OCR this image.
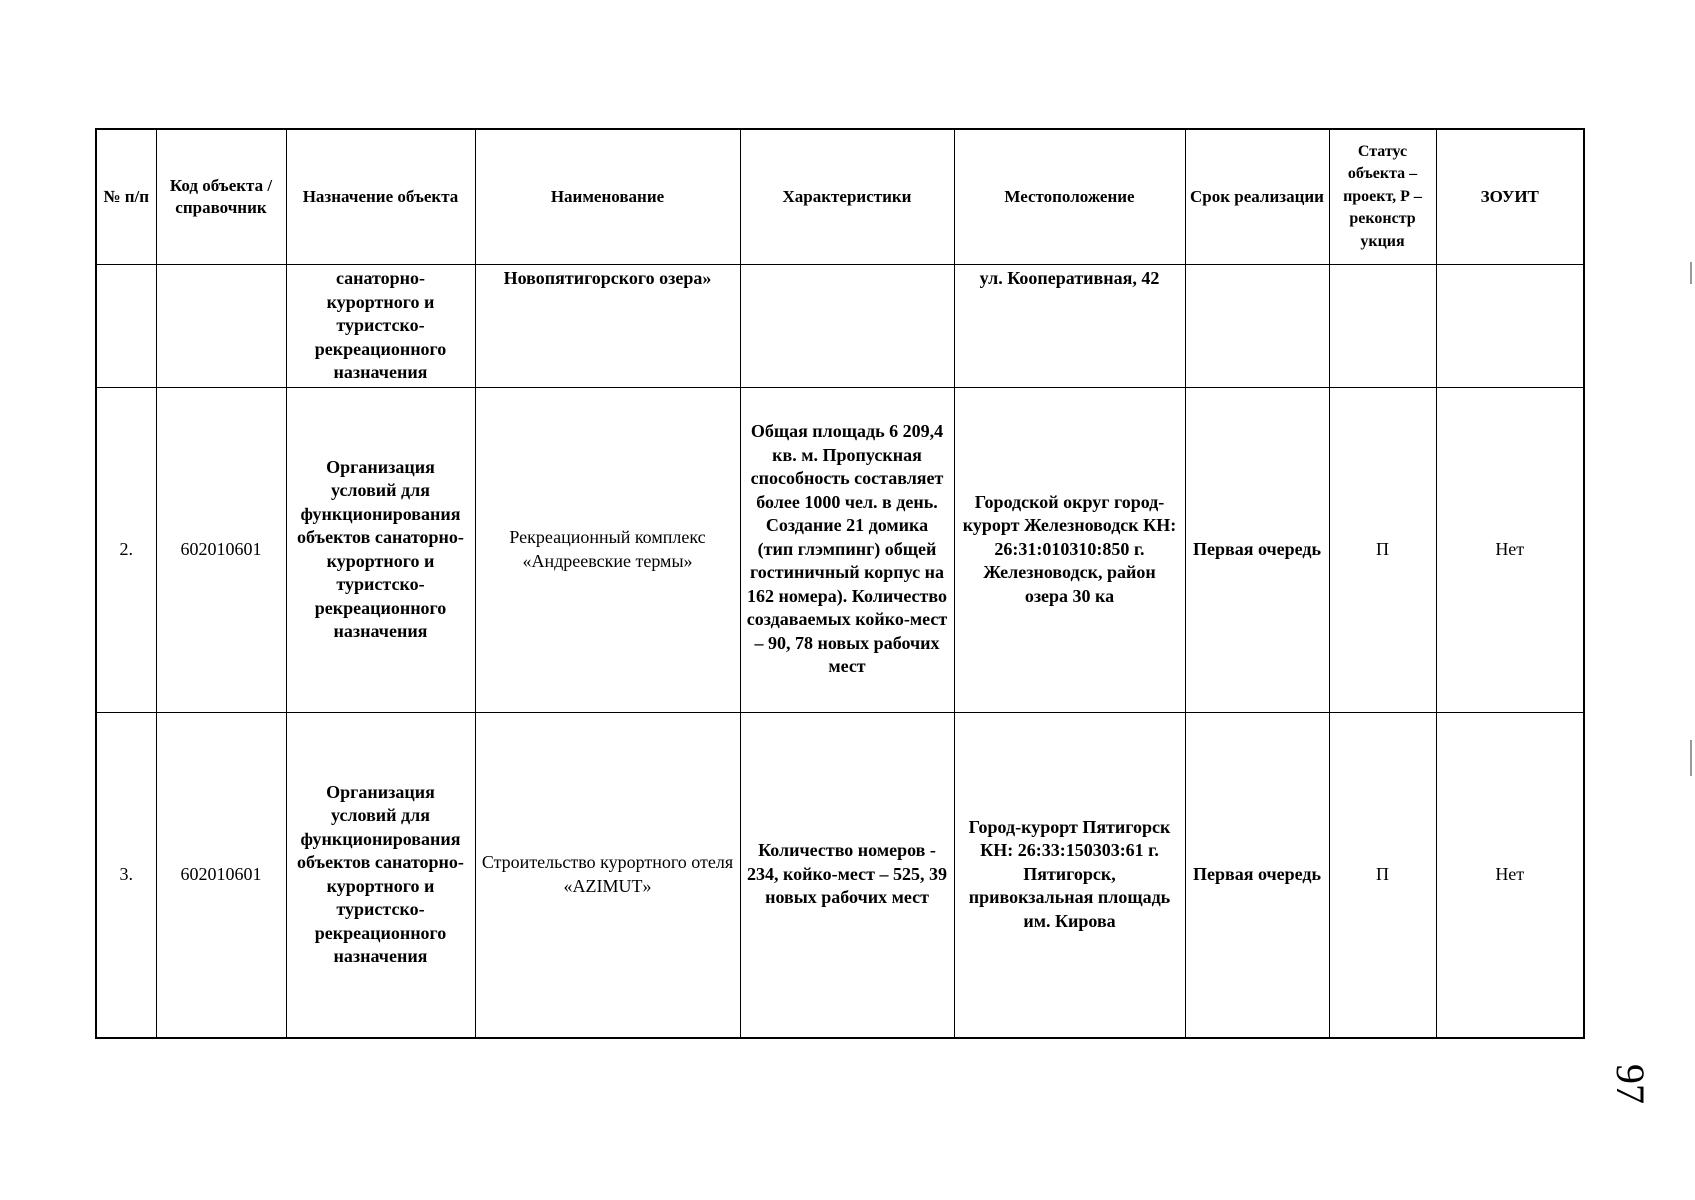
№ п/п	Код объекта / справочник	Назначение объекта	Наименование	Характеристики	Местоположение	Срок реализации	Статус объекта – проект, Р – реконстр укция	ЗОУИТ
		санаторно-курортного и туристско-рекреационного назначения	Новопятигорского озера»		ул. Кооперативная, 42			
2.	602010601	Организация условий для функционирования объектов санаторно-курортного и туристско-рекреационного назначения	Рекреационный комплекс «Андреевские термы»	Общая площадь 6 209,4 кв. м. Пропускная способность составляет более 1000 чел. в день. Создание 21 домика (тип глэмпинг) общей гостиничный корпус на 162 номера). Количество создаваемых койко-мест – 90, 78 новых рабочих мест	Городской округ город-курорт Железноводск КН: 26:31:010310:850 г. Железноводск, район озера 30 ка	Первая очередь	П	Нет
3.	602010601	Организация условий для функционирования объектов санаторно-курортного и туристско-рекреационного назначения	Строительство курортного отеля «AZIMUT»	Количество номеров - 234, койко-мест – 525, 39 новых рабочих мест	Город-курорт Пятигорск КН: 26:33:150303:61 г. Пятигорск, привокзальная площадь им. Кирова	Первая очередь	П	Нет
97
